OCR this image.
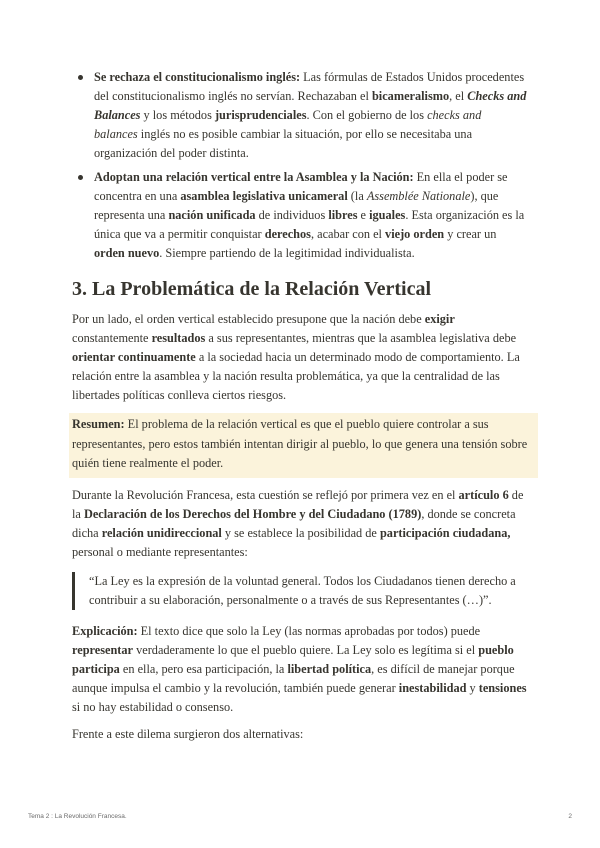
Se rechaza el constitucionalismo inglés: Las fórmulas de Estados Unidos procedentes del constitucionalismo inglés no servían. Rechazaban el bicameralismo, el Checks and Balances y los métodos jurisprudenciales. Con el gobierno de los checks and balances inglés no es posible cambiar la situación, por ello se necesitaba una organización del poder distinta.
Adoptan una relación vertical entre la Asamblea y la Nación: En ella el poder se concentra en una asamblea legislativa unicameral (la Assemblée Nationale), que representa una nación unificada de individuos libres e iguales. Esta organización es la única que va a permitir conquistar derechos, acabar con el viejo orden y crear un orden nuevo. Siempre partiendo de la legitimidad individualista.
3. La Problemática de la Relación Vertical

Por un lado, el orden vertical establecido presupone que la nación debe exigir constantemente resultados a sus representantes, mientras que la asamblea legislativa debe orientar continuamente a la sociedad hacia un determinado modo de comportamiento. La relación entre la asamblea y la nación resulta problemática, ya que la centralidad de las libertades políticas conlleva ciertos riesgos.

Resumen: El problema de la relación vertical es que el pueblo quiere controlar a sus representantes, pero estos también intentan dirigir al pueblo, lo que genera una tensión sobre quién tiene realmente el poder.

Durante la Revolución Francesa, esta cuestión se reflejó por primera vez en el artículo 6 de la Declaración de los Derechos del Hombre y del Ciudadano (1789), donde se concreta dicha relación unidireccional y se establece la posibilidad de participación ciudadana, personal o mediante representantes:

“La Ley es la expresión de la voluntad general. Todos los Ciudadanos tienen derecho a contribuir a su elaboración, personalmente o a través de sus Representantes (…)”.

Explicación: El texto dice que solo la Ley (las normas aprobadas por todos) puede representar verdaderamente lo que el pueblo quiere. La Ley solo es legítima si el pueblo participa en ella, pero esa participación, la libertad política, es difícil de manejar porque aunque impulsa el cambio y la revolución, también puede generar inestabilidad y tensiones si no hay estabilidad o consenso.

Frente a este dilema surgieron dos alternativas:

Tema 2 : La Revolución Francesa.	2
